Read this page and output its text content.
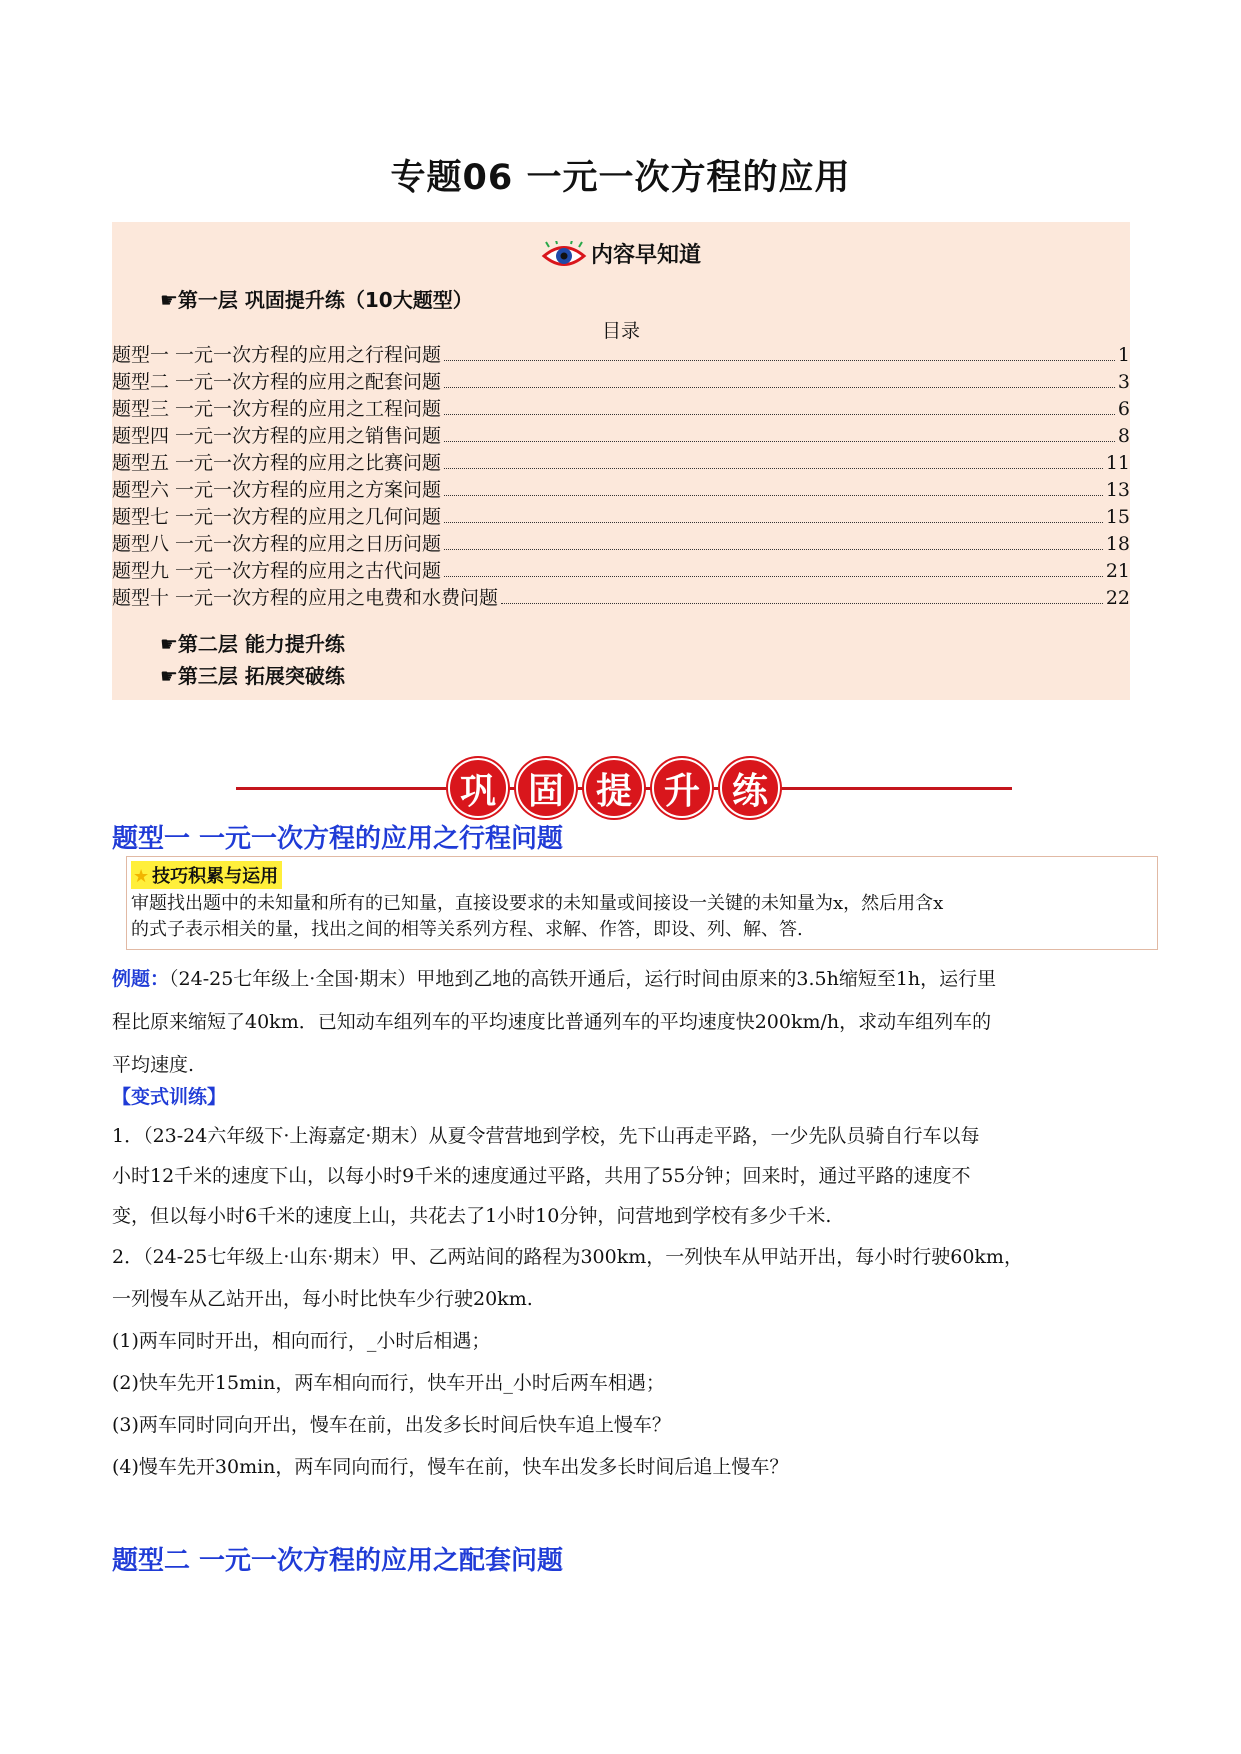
专题06 一元一次方程的应用
内容早知道
☛第一层 巩固提升练（10大题型）
目录
题型一 一元一次方程的应用之行程问题	1
题型二 一元一次方程的应用之配套问题	3
题型三 一元一次方程的应用之工程问题	6
题型四 一元一次方程的应用之销售问题	8
题型五 一元一次方程的应用之比赛问题	11
题型六 一元一次方程的应用之方案问题	13
题型七 一元一次方程的应用之几何问题	15
题型八 一元一次方程的应用之日历问题	18
题型九 一元一次方程的应用之古代问题	21
题型十 一元一次方程的应用之电费和水费问题	22
☛第二层 能力提升练
☛第三层 拓展突破练
巩 固 提 升 练
题型一 一元一次方程的应用之行程问题
★ 技巧积累与运用
审题找出题中的未知量和所有的已知量，直接设要求的未知量或间接设一关键的未知量为x，然后用含x
的式子表示相关的量，找出之间的相等关系列方程、求解、作答，即设、列、解、答.
例题：（24-25七年级上·全国·期末）甲地到乙地的高铁开通后，运行时间由原来的3.5h缩短至1h，运行里
程比原来缩短了40km．已知动车组列车的平均速度比普通列车的平均速度快200km/h，求动车组列车的
平均速度.
【变式训练】
1．（23-24六年级下·上海嘉定·期末）从夏令营营地到学校，先下山再走平路，一少先队员骑自行车以每
小时12千米的速度下山，以每小时9千米的速度通过平路，共用了55分钟；回来时，通过平路的速度不
变，但以每小时6千米的速度上山，共花去了1小时10分钟，问营地到学校有多少千米.
2．（24-25七年级上·山东·期末）甲、乙两站间的路程为300km，一列快车从甲站开出，每小时行驶60km，
一列慢车从乙站开出，每小时比快车少行驶20km.
(1)两车同时开出，相向而行，_小时后相遇；
(2)快车先开15min，两车相向而行，快车开出_小时后两车相遇；
(3)两车同时同向开出，慢车在前，出发多长时间后快车追上慢车？
(4)慢车先开30min，两车同向而行，慢车在前，快车出发多长时间后追上慢车？
题型二 一元一次方程的应用之配套问题
